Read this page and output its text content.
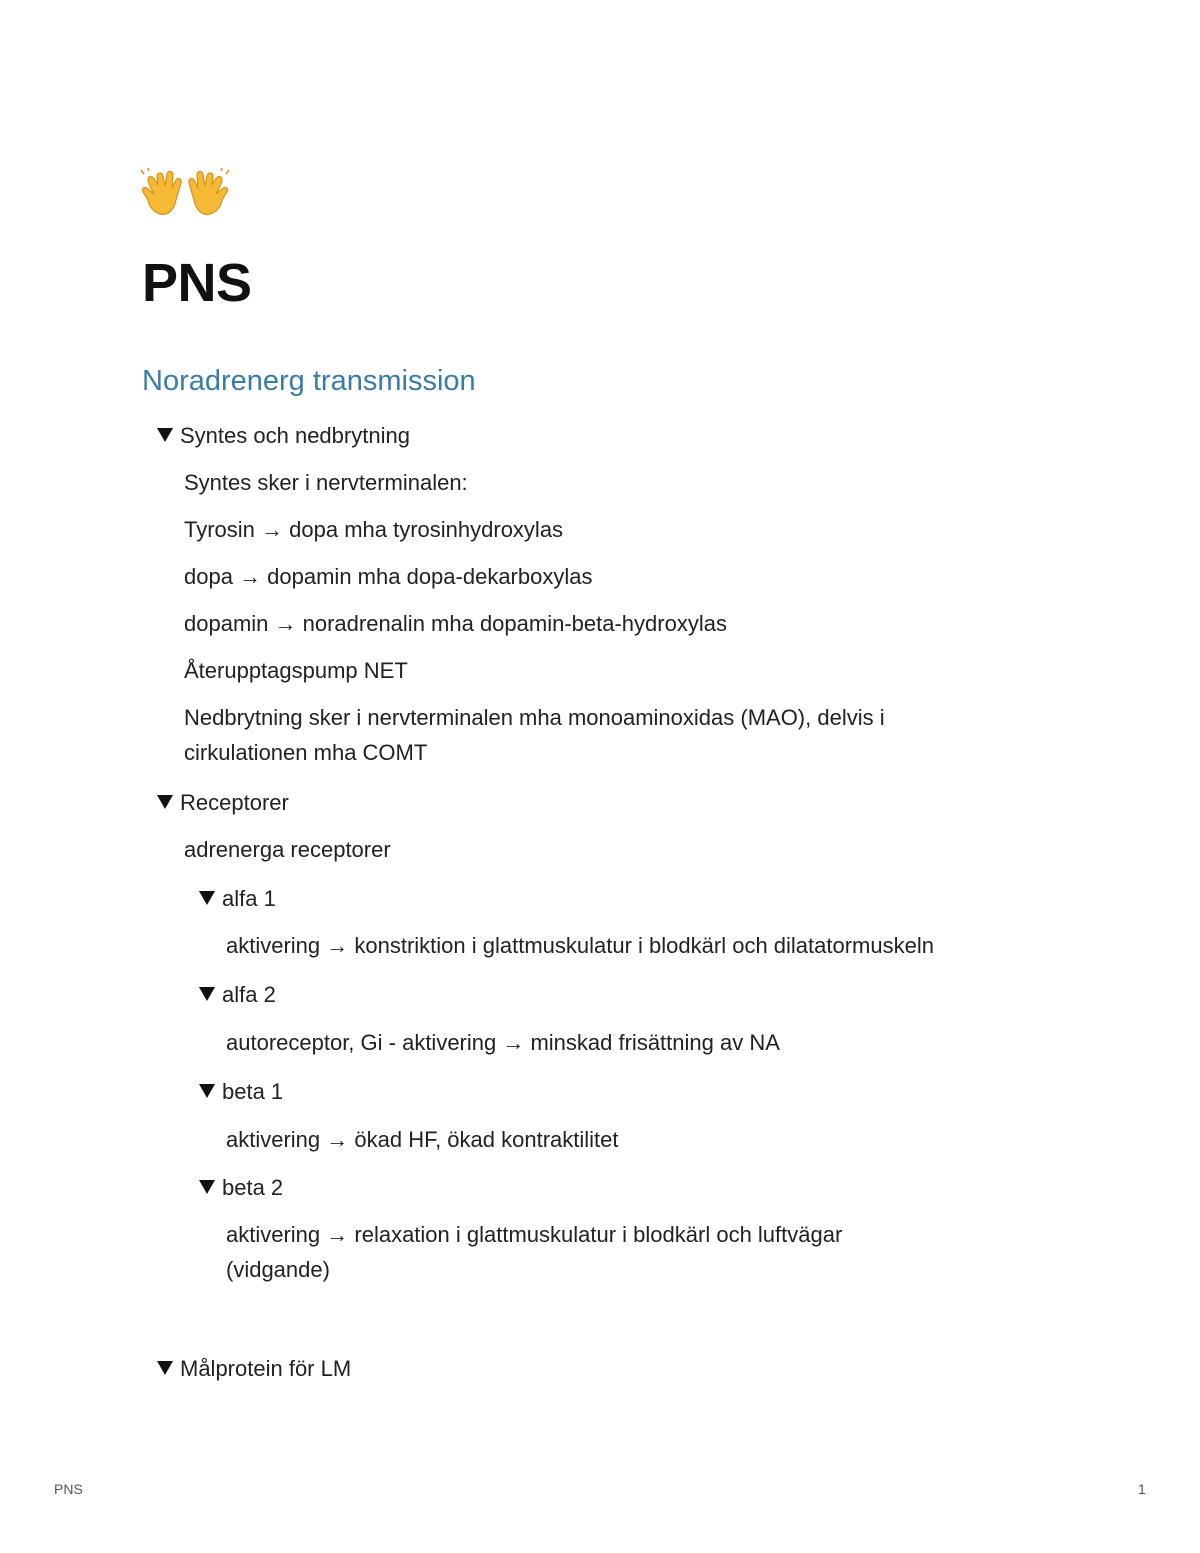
PNS
Noradrenerg transmission
Syntes och nedbrytning
Syntes sker i nervterminalen:
Tyrosin → dopa mha tyrosinhydroxylas
dopa → dopamin mha dopa-dekarboxylas
dopamin → noradrenalin mha dopamin-beta-hydroxylas
Återupptagspump NET
Nedbrytning sker i nervterminalen mha monoaminoxidas (MAO), delvis i
cirkulationen mha COMT
Receptorer
adrenerga receptorer
alfa 1
aktivering → konstriktion i glattmuskulatur i blodkärl och dilatatormuskeln
alfa 2
autoreceptor, Gi - aktivering → minskad frisättning av NA
beta 1
aktivering → ökad HF, ökad kontraktilitet
beta 2
aktivering → relaxation i glattmuskulatur i blodkärl och luftvägar
(vidgande)
Målprotein för LM
PNS	1
